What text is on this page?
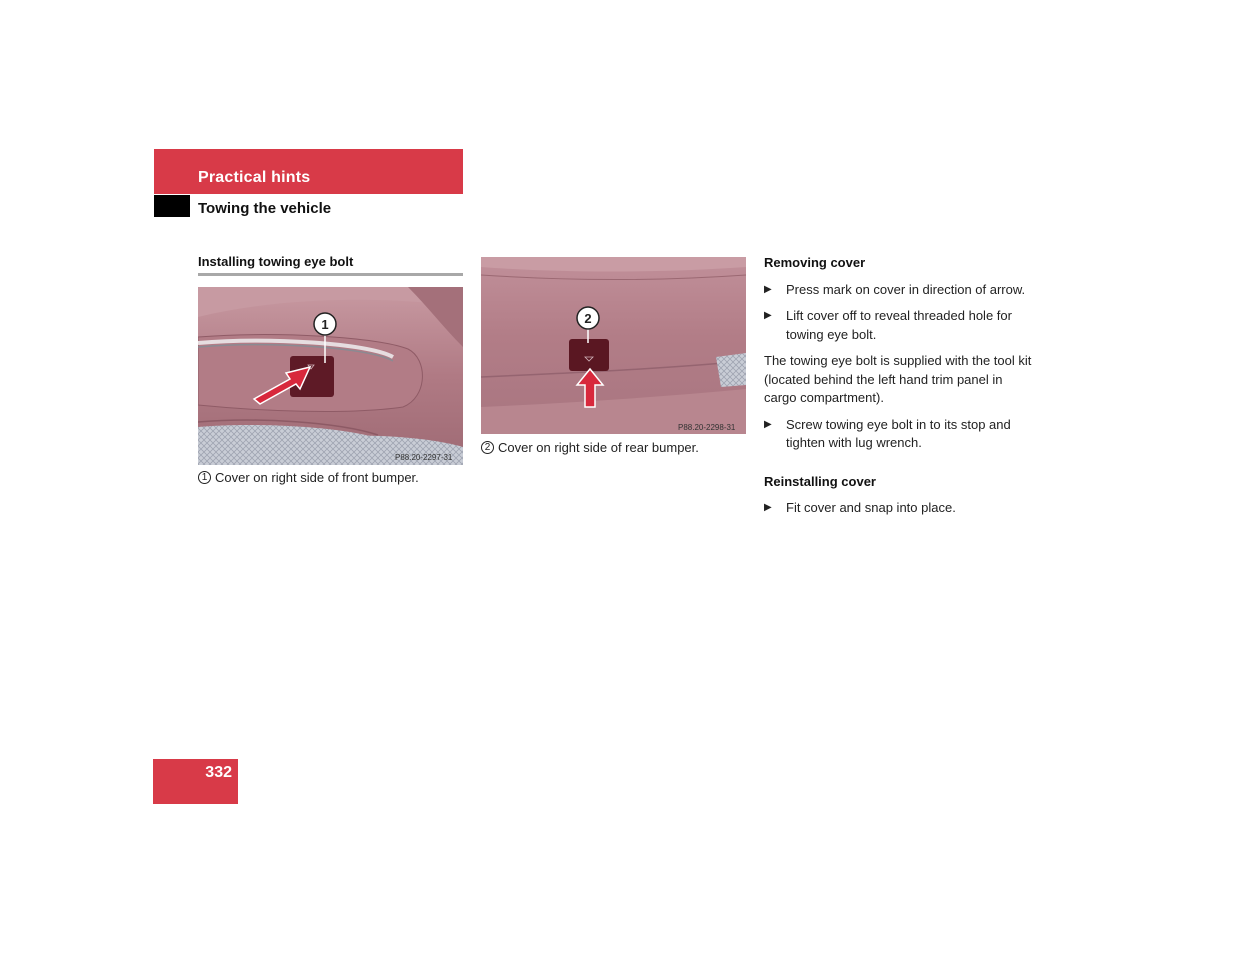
Practical hints
Towing the vehicle
Installing towing eye bolt
1
P88.20-2297-31
1 Cover on right side of front bumper.
2
P88.20-2298-31
2 Cover on right side of rear bumper.
Removing cover
▶	Press mark on cover in direction of arrow.
▶	Lift cover off to reveal threaded hole for towing eye bolt.

The towing eye bolt is supplied with the tool kit (located behind the left hand trim panel in cargo compartment).

▶	Screw towing eye bolt in to its stop and tighten with lug wrench.
Reinstalling cover
▶	Fit cover and snap into place.
332
